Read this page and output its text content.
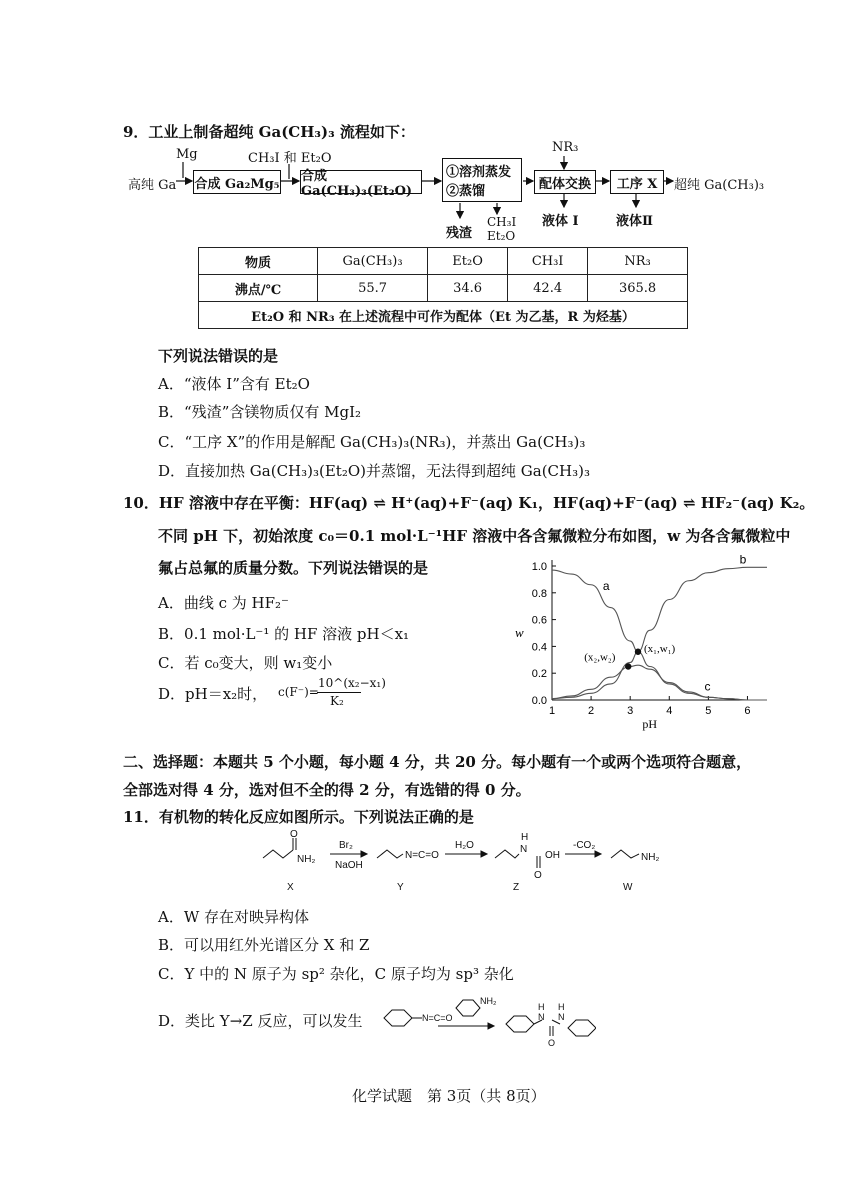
9．工业上制备超纯 Ga(CH₃)₃ 流程如下：
Mg	CH₃I 和 Et₂O
高纯 Ga 合成 Ga₂Mg₅ 合成 Ga(CH₃)₃(Et₂O)
①溶剂蒸发
②蒸馏
NR₃
配体交换	工序 X	超纯 Ga(CH₃)₃
残渣
CH₃I
Et₂O
液体 I	液体Ⅱ
物质	Ga(CH₃)₃	Et₂O	CH₃I	NR₃
沸点/℃	55.7	34.6	42.4	365.8
Et₂O 和 NR₃ 在上述流程中可作为配体（Et 为乙基，R 为烃基）				
下列说法错误的是
A．“液体 I”含有 Et₂O
B．“残渣”含镁物质仅有 MgI₂
C．“工序 X”的作用是解配 Ga(CH₃)₃(NR₃)，并蒸出 Ga(CH₃)₃
D．直接加热 Ga(CH₃)₃(Et₂O)并蒸馏，无法得到超纯 Ga(CH₃)₃
10．HF 溶液中存在平衡：HF(aq) ⇌ H⁺(aq)+F⁻(aq) K₁，HF(aq)+F⁻(aq) ⇌ HF₂⁻(aq) K₂。
不同 pH 下，初始浓度 c₀＝0.1 mol·L⁻¹HF 溶液中各含氟微粒分布如图，w 为各含氟微粒中
氟占总氟的质量分数。下列说法错误的是
A．曲线 c 为 HF₂⁻
B．0.1 mol·L⁻¹ 的 HF 溶液 pH＜x₁
C．若 c₀变大，则 w₁变小
D．pH＝x₂时， c(F⁻)=
10^(x₂−x₁)
K₂	0.0
0.2
0.4
0.6
0.8
1.0
1	2	3	4	5	6
pH
w
a
b
c
(x₂,w₂)
(x₁,w₁)
二、选择题：本题共 5 个小题，每小题 4 分，共 20 分。每小题有一个或两个选项符合题意，
全部选对得 4 分，选对但不全的得 2 分，有选错的得 0 分。
11．有机物的转化反应如图所示。下列说法正确的是
O
NH₂
Br₂
NaOH
N=C=O
H₂O
H
N
OH
O
-CO₂
NH₂
X	Y	Z	W
A．W 存在对映异构体
B．可以用红外光谱区分 X 和 Z
C．Y 中的 N 原子为 sp² 杂化，C 原子均为 sp³ 杂化
D．类比 Y→Z 反应，可以发生	N=C=O
NH₂
H
N
H
N
O
化学试题　第 3页（共 8页）
